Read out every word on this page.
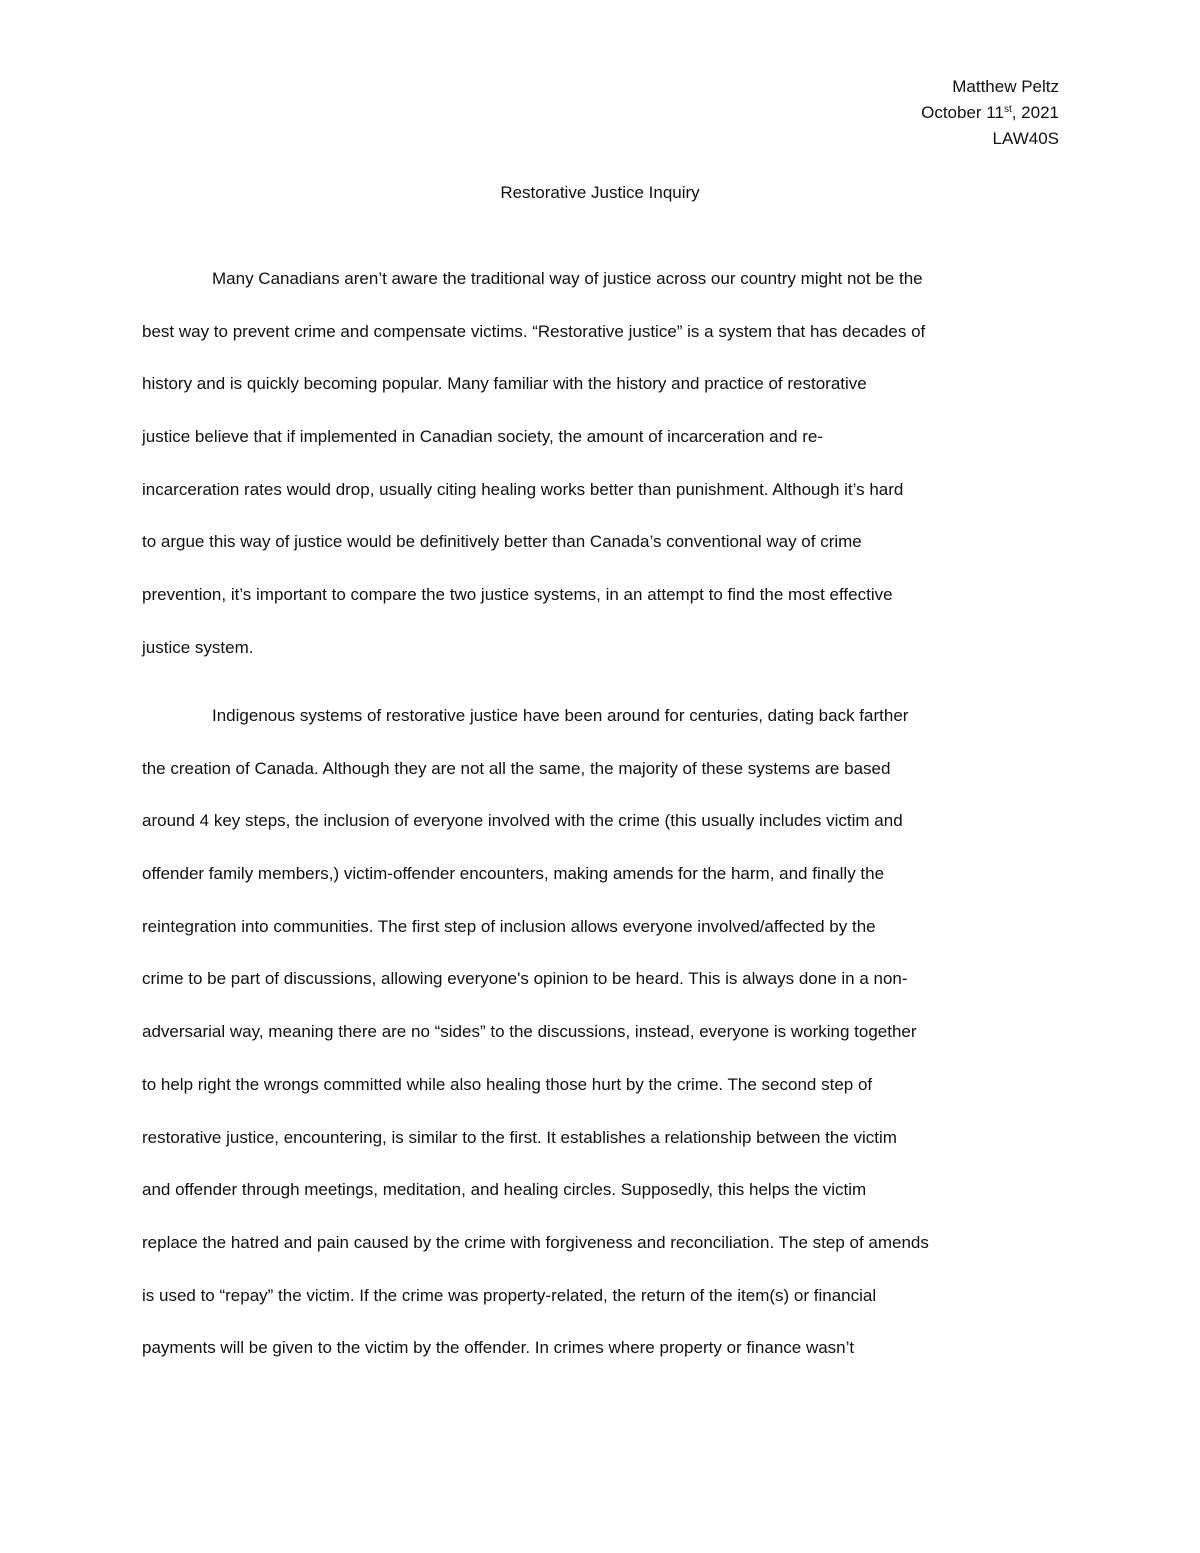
Matthew Peltz
October 11st, 2021
LAW40S
Restorative Justice Inquiry
Many Canadians aren’t aware the traditional way of justice across our country might not be the
best way to prevent crime and compensate victims. “Restorative justice” is a system that has decades of
history and is quickly becoming popular. Many familiar with the history and practice of restorative
justice believe that if implemented in Canadian society, the amount of incarceration and re-
incarceration rates would drop, usually citing healing works better than punishment. Although it’s hard
to argue this way of justice would be definitively better than Canada’s conventional way of crime
prevention, it’s important to compare the two justice systems, in an attempt to find the most effective
justice system.
Indigenous systems of restorative justice have been around for centuries, dating back farther
the creation of Canada. Although they are not all the same, the majority of these systems are based
around 4 key steps, the inclusion of everyone involved with the crime (this usually includes victim and
offender family members,) victim-offender encounters, making amends for the harm, and finally the
reintegration into communities. The first step of inclusion allows everyone involved/affected by the
crime to be part of discussions, allowing everyone's opinion to be heard. This is always done in a non-
adversarial way, meaning there are no “sides” to the discussions, instead, everyone is working together
to help right the wrongs committed while also healing those hurt by the crime. The second step of
restorative justice, encountering, is similar to the first. It establishes a relationship between the victim
and offender through meetings, meditation, and healing circles. Supposedly, this helps the victim
replace the hatred and pain caused by the crime with forgiveness and reconciliation. The step of amends
is used to “repay” the victim. If the crime was property-related, the return of the item(s) or financial
payments will be given to the victim by the offender. In crimes where property or finance wasn’t
